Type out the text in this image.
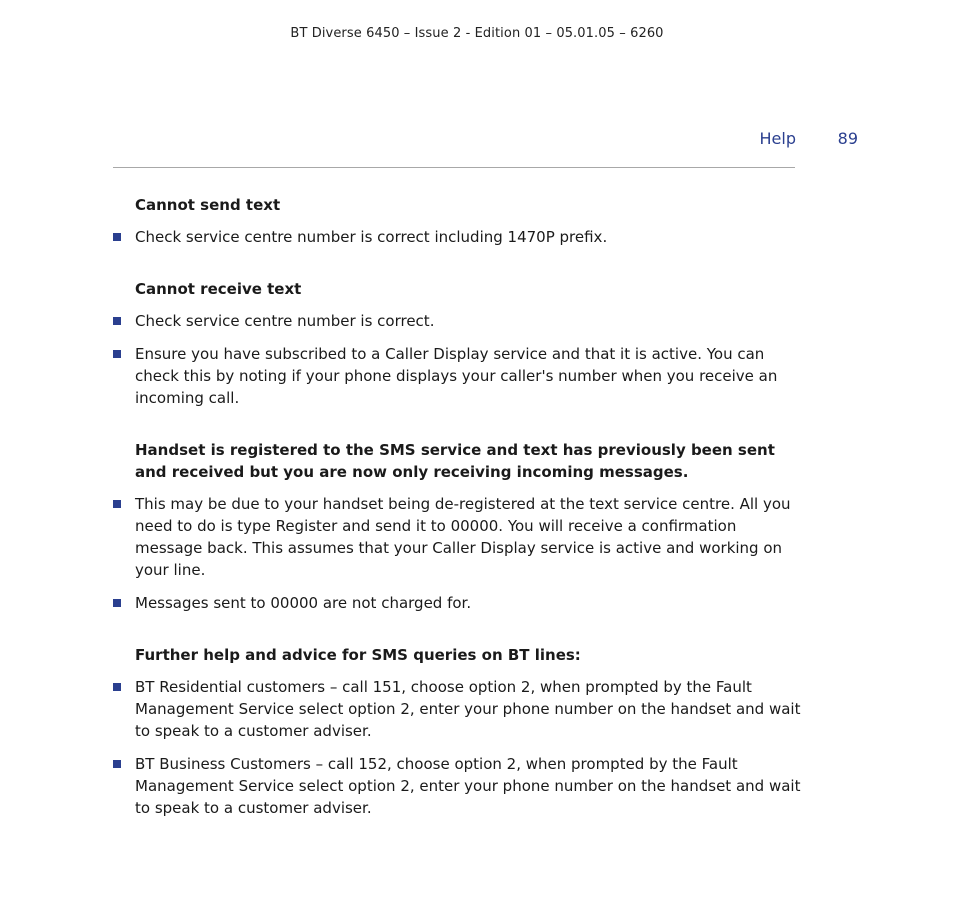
BT Diverse 6450 – Issue 2 - Edition 01 – 05.01.05 – 6260
Help	89
Cannot send text
Check service centre number is correct including 1470P prefix.
Cannot receive text
Check service centre number is correct.
Ensure you have subscribed to a Caller Display service and that it is active. You can check this by noting if your phone displays your caller's number when you receive an incoming call.
Handset is registered to the SMS service and text has previously been sent and received but you are now only receiving incoming messages.
This may be due to your handset being de-registered at the text service centre. All you need to do is type Register and send it to 00000. You will receive a confirmation message back. This assumes that your Caller Display service is active and working on your line.
Messages sent to 00000 are not charged for.
Further help and advice for SMS queries on BT lines:
BT Residential customers – call 151, choose option 2, when prompted by the Fault Management Service select option 2, enter your phone number on the handset and wait to speak to a customer adviser.
BT Business Customers – call 152, choose option 2, when prompted by the Fault Management Service select option 2, enter your phone number on the handset and wait to speak to a customer adviser.
